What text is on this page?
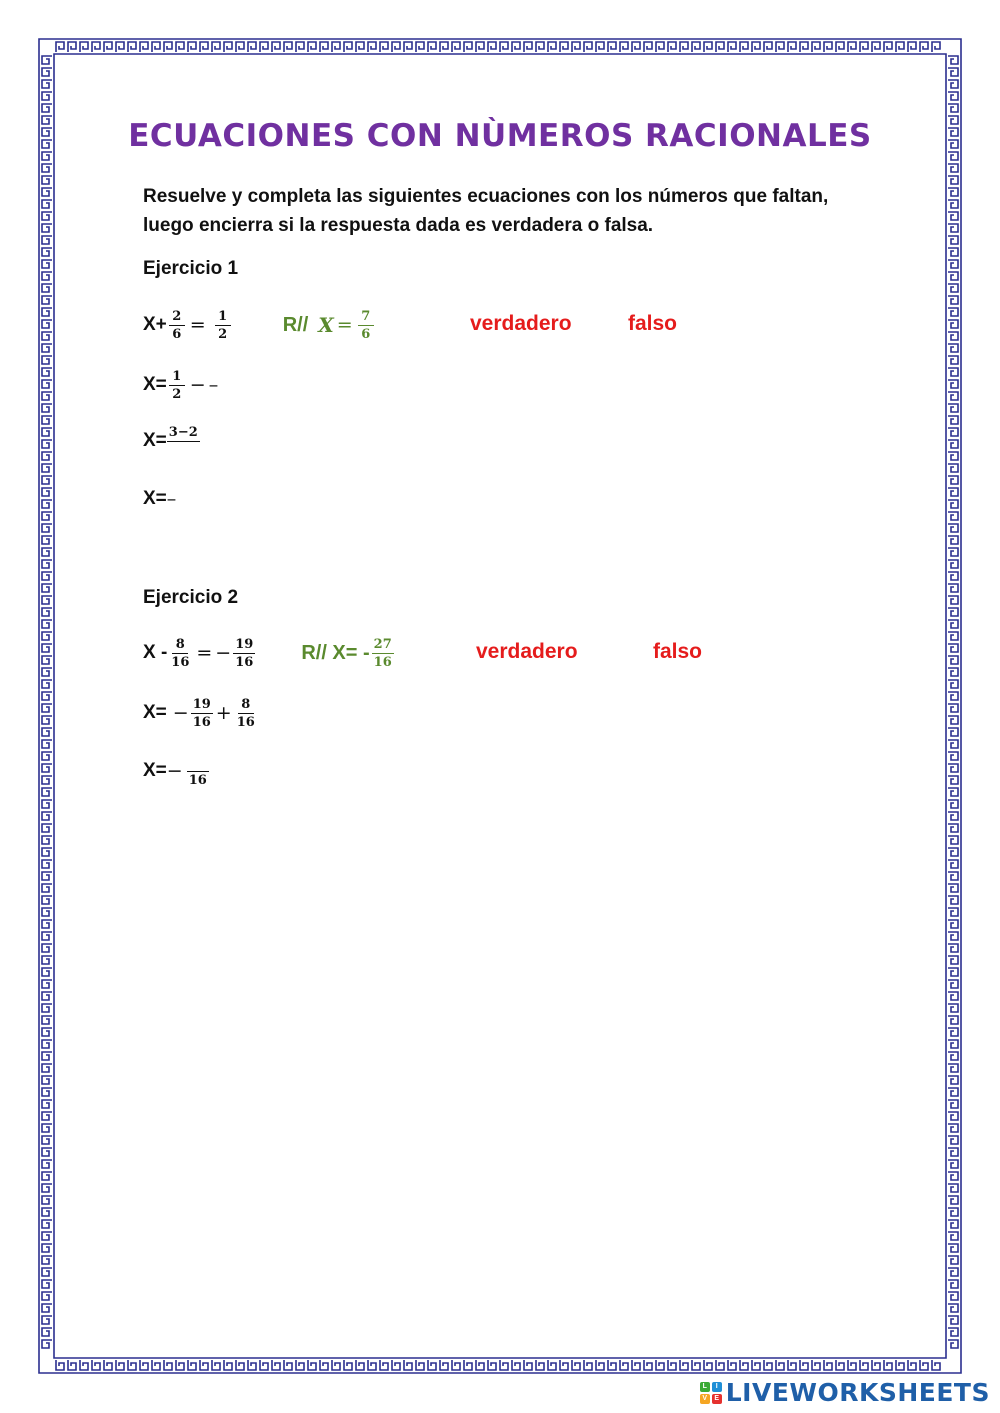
ECUACIONES CON NÙMEROS RACIONALES

Resuelve y completa las siguientes ecuaciones con los números que faltan, luego encierra si la respuesta dada es verdadera o falsa.

Ejercicio 1
$X+ \frac{2}{6} = \frac{1}{2}$	R// $X = \frac{7}{6}$	verdadero	falso
$X= \frac{1}{2}$ − –
X= 3−2
X= –
Ejercicio 2
X - $\frac{8}{16}$ = − $\frac{19}{16} R//$ $X= - \frac{27}{16}$	verdadero	falso
$X= - \frac{19}{16} + \frac{8}{16}$
X= − 16
L	I
V	E LIVEWORKSHEETS
